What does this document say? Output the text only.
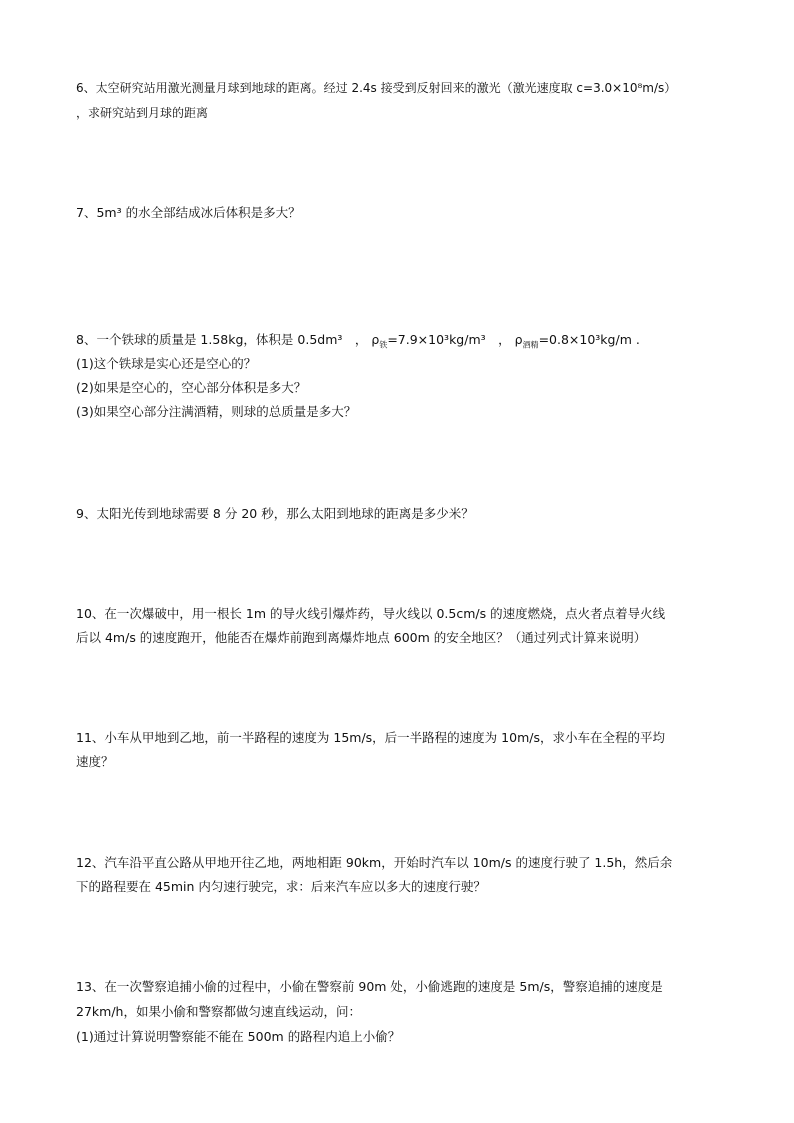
6、太空研究站用激光测量月球到地球的距离。经过 2.4s 接受到反射回来的激光（激光速度取 c=3.0×10⁸m/s）
，求研究站到月球的距离
7、5m³ 的水全部结成冰后体积是多大？
8、一个铁球的质量是 1.58kg，体积是 0.5dm³　， $\rho_铁=7.9\times 10^3kg/m^3$　， $\rho_{酒精}=0.8\times 10^3kg/m$ .
(1)这个铁球是实心还是空心的？
(2)如果是空心的，空心部分体积是多大？
(3)如果空心部分注满酒精，则球的总质量是多大？
9、太阳光传到地球需要 8 分 20 秒，那么太阳到地球的距离是多少米？
10、在一次爆破中，用一根长 1m 的导火线引爆炸药，导火线以 0.5cm/s 的速度燃烧，点火者点着导火线
后以 4m/s 的速度跑开，他能否在爆炸前跑到离爆炸地点 600m 的安全地区？（通过列式计算来说明）
11、小车从甲地到乙地，前一半路程的速度为 15m/s，后一半路程的速度为 10m/s，求小车在全程的平均
速度？
12、汽车沿平直公路从甲地开往乙地，两地相距 90km，开始时汽车以 10m/s 的速度行驶了 1.5h，然后余
下的路程要在 45min 内匀速行驶完，求：后来汽车应以多大的速度行驶？
13、在一次警察追捕小偷的过程中，小偷在警察前 90m 处，小偷逃跑的速度是 5m/s，警察追捕的速度是
27km/h，如果小偷和警察都做匀速直线运动，问：
(1)通过计算说明警察能不能在 500m 的路程内追上小偷？
